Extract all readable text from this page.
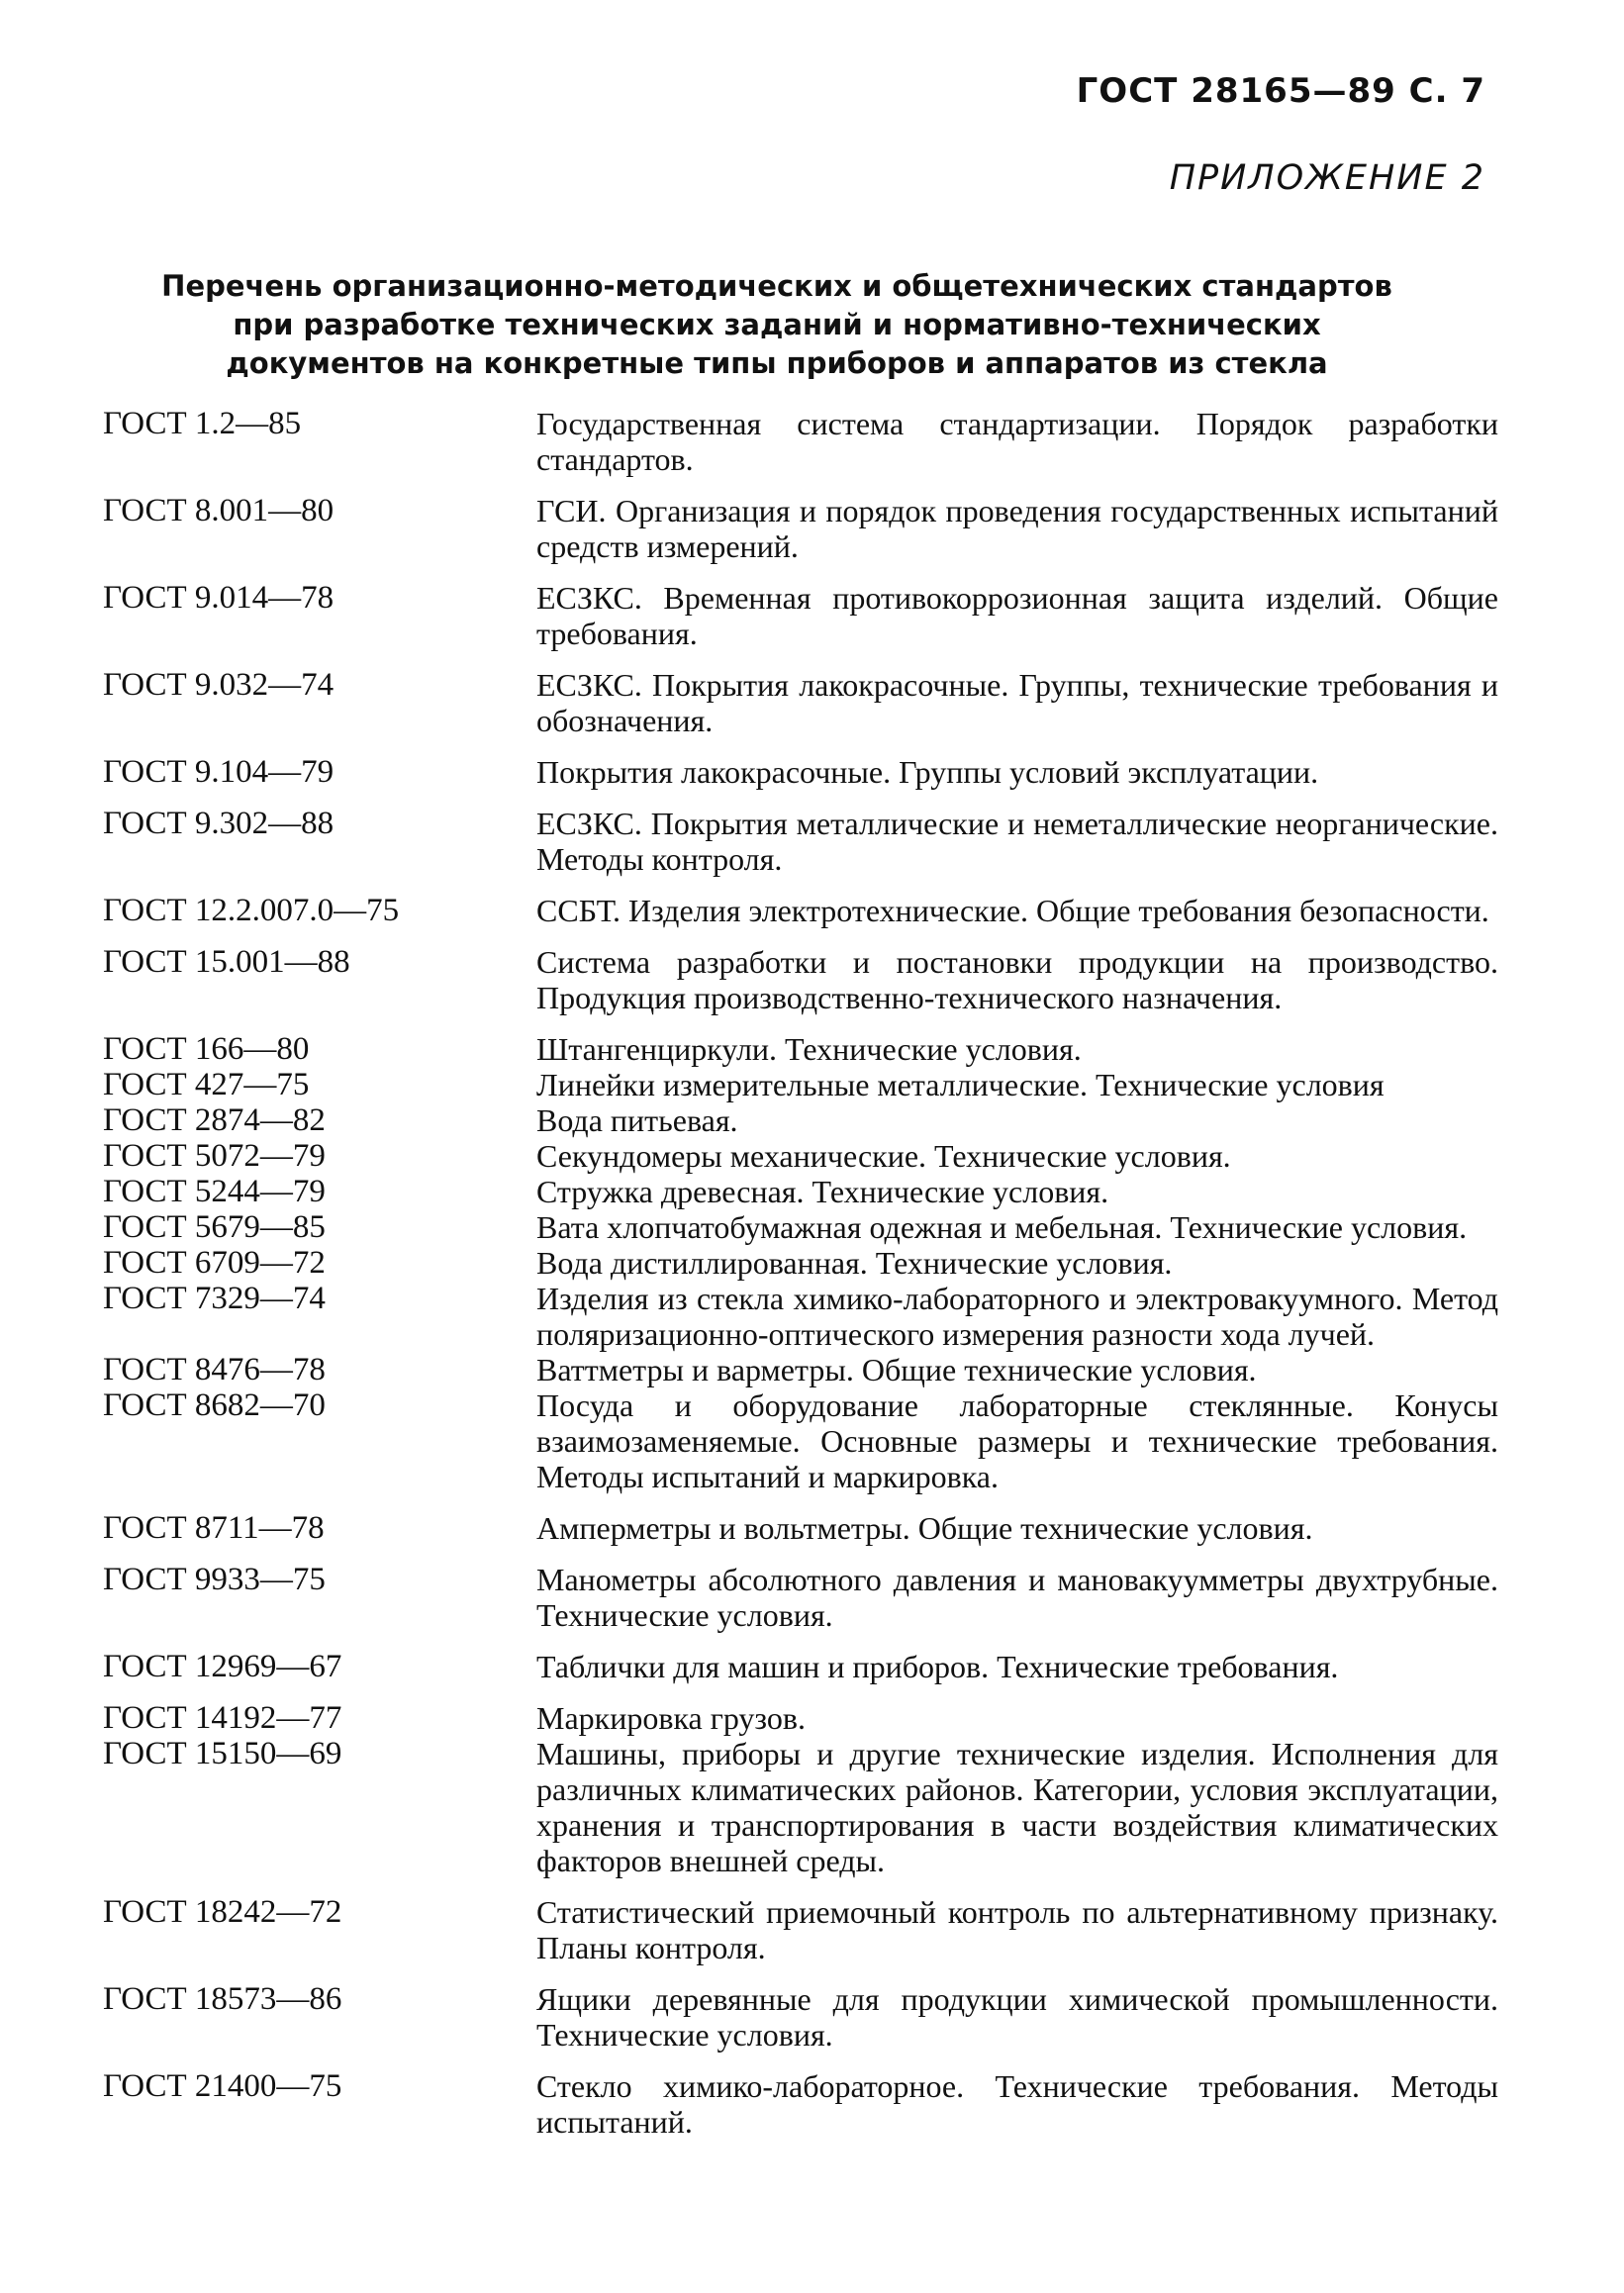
ГОСТ 28165—89 С. 7
ПРИЛОЖЕНИЕ 2
Перечень организационно-методических и общетехнических стандартов
при разработке технических заданий и нормативно-технических
документов на конкретные типы приборов и аппаратов из стекла
ГОСТ 1.2—85	Государственная система стандартизации. Порядок разработки стандартов.
ГОСТ 8.001—80	ГСИ. Организация и порядок проведения государственных испытаний средств измерений.
ГОСТ 9.014—78	ЕСЗКС. Временная противокоррозионная защита изделий. Общие требования.
ГОСТ 9.032—74	ЕСЗКС. Покрытия лакокрасочные. Группы, технические требования и обозначения.
ГОСТ 9.104—79	Покрытия лакокрасочные. Группы условий эксплуатации.
ГОСТ 9.302—88	ЕСЗКС. Покрытия металлические и неметаллические неорганические. Методы контроля.
ГОСТ 12.2.007.0—75	ССБТ. Изделия электротехнические. Общие требования безопасности.
ГОСТ 15.001—88	Система разработки и постановки продукции на производство. Продукция производственно-технического назначения.
ГОСТ 166—80	Штангенциркули. Технические условия.
ГОСТ 427—75	Линейки измерительные металлические. Технические условия
ГОСТ 2874—82	Вода питьевая.
ГОСТ 5072—79	Секундомеры механические. Технические условия.
ГОСТ 5244—79	Стружка древесная. Технические условия.
ГОСТ 5679—85	Вата хлопчатобумажная одежная и мебельная. Технические условия.
ГОСТ 6709—72	Вода дистиллированная. Технические условия.
ГОСТ 7329—74	Изделия из стекла химико-лабораторного и электровакуумного. Метод поляризационно-оптического измерения разности хода лучей.
ГОСТ 8476—78	Ваттметры и варметры. Общие технические условия.
ГОСТ 8682—70	Посуда и оборудование лабораторные стеклянные. Конусы взаимозаменяемые. Основные размеры и технические требования. Методы испытаний и маркировка.
ГОСТ 8711—78	Амперметры и вольтметры. Общие технические условия.
ГОСТ 9933—75	Манометры абсолютного давления и мановакуумметры двухтрубные. Технические условия.
ГОСТ 12969—67	Таблички для машин и приборов. Технические требования.
ГОСТ 14192—77	Маркировка грузов.
ГОСТ 15150—69	Машины, приборы и другие технические изделия. Исполнения для различных климатических районов. Категории, условия эксплуатации, хранения и транспортирования в части воздействия климатических факторов внешней среды.
ГОСТ 18242—72	Статистический приемочный контроль по альтернативному признаку. Планы контроля.
ГОСТ 18573—86	Ящики деревянные для продукции химической промышленности. Технические условия.
ГОСТ 21400—75	Стекло химико-лабораторное. Технические требования. Методы испытаний.
